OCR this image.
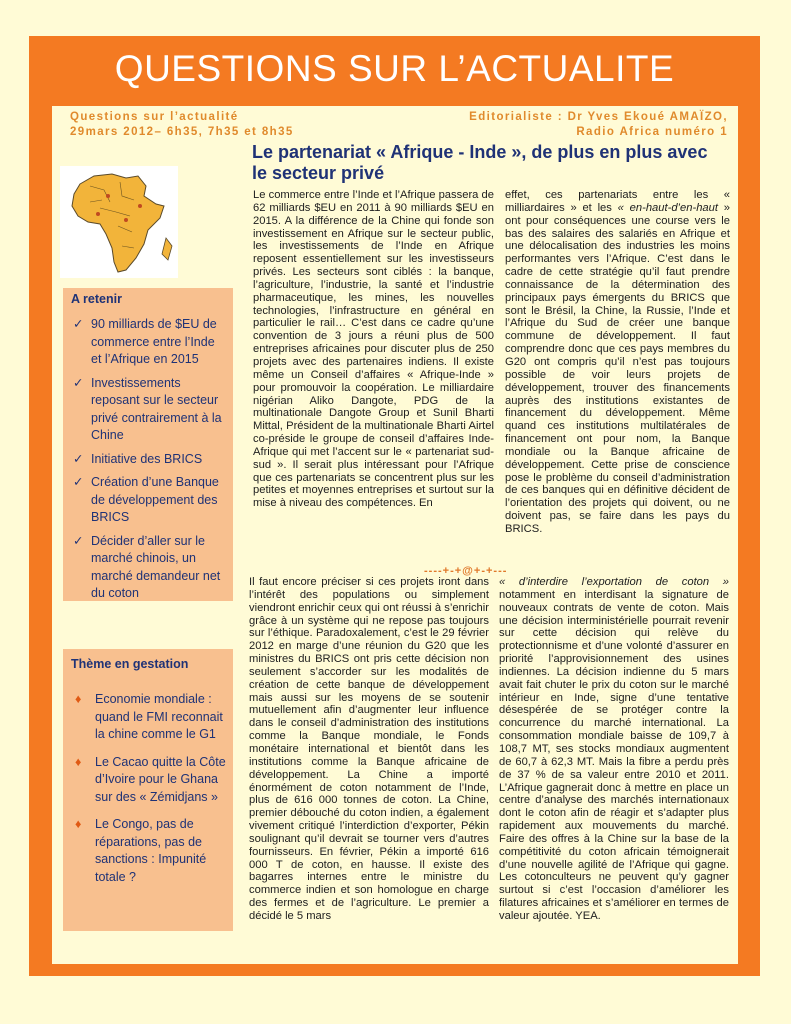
QUESTIONS SUR L’ACTUALITE
Questions sur l’actualité
29mars 2012– 6h35, 7h35 et 8h35
Editorialiste : Dr Yves Ekoué AMAÏZO,
Radio Africa numéro 1
Le partenariat « Afrique - Inde », de plus en plus avec le secteur privé
A retenir
✓ 90 milliards de $EU de commerce entre l’Inde et l’Afrique en 2015
✓ Investissements reposant sur le secteur privé contrairement à la Chine
✓ Initiative des BRICS
✓ Création d’une Banque de développement des BRICS
✓ Décider d’aller sur le marché chinois, un marché demandeur net du coton
Thème en gestation
♦ Economie mondiale : quand le FMI reconnait la chine comme le G1
♦ Le Cacao quitte la Côte d’Ivoire pour le Ghana sur des « Zémidjans »
♦ Le Congo, pas de réparations, pas de sanctions : Impunité totale ?

Le commerce entre l’Inde et l’Afrique passera de 62 milliards $EU en 2011 à 90 milliards $EU en 2015. A la différence de la Chine qui fonde son investissement en Afrique sur le secteur public, les investissements de l’Inde en Afrique reposent essentiellement sur les investisseurs privés. Les secteurs sont ciblés : la banque, l’agriculture, l’industrie, la santé et l’industrie pharmaceutique, les mines, les nouvelles technologies, l’infrastructure en général en particulier le rail… C’est dans ce cadre qu’une convention de 3 jours a réuni plus de 500 entreprises africaines pour discuter plus de 250 projets avec des partenaires indiens. Il existe même un Conseil d’affaires « Afrique-Inde » pour promouvoir la coopération. Le milliardaire nigérian Aliko Dangote, PDG de la multinationale Dangote Group et Sunil Bharti Mittal, Président de la multinationale Bharti Airtel co-préside le groupe de conseil d’affaires Inde-Afrique qui met l’accent sur le « partenariat sud-sud ». Il serait plus intéressant pour l’Afrique que ces partenariats se concentrent plus sur les petites et moyennes entreprises et surtout sur la mise à niveau des compétences. En

effet, ces partenariats entre les « milliardaires » et les « en-haut-d’en-haut » ont pour conséquences une course vers le bas des salaires des salariés en Afrique et une délocalisation des industries les moins performantes vers l’Afrique. C’est dans le cadre de cette stratégie qu’il faut prendre connaissance de la détermination des principaux pays émergents du BRICS que sont le Brésil, la Chine, la Russie, l’Inde et l’Afrique du Sud de créer une banque commune de développement. Il faut comprendre donc que ces pays membres du G20 ont compris qu’il n’est pas toujours possible de voir leurs projets de développement, trouver des financements auprès des institutions existantes de financement du développement. Même quand ces institutions multilatérales de financement ont pour nom, la Banque mondiale ou la Banque africaine de développement. Cette prise de conscience pose le problème du conseil d’administration de ces banques qui en définitive décident de l’orientation des projets qui doivent, ou ne doivent pas, se faire dans les pays du BRICS.

----+-+@+-+---

Il faut encore préciser si ces projets iront dans l’intérêt des populations ou simplement viendront enrichir ceux qui ont réussi à s’enrichir grâce à un système qui ne repose pas toujours sur l’éthique. Paradoxalement, c’est le 29 février 2012 en marge d’une réunion du G20 que les ministres du BRICS ont pris cette décision non seulement s’accorder sur les modalités de création de cette banque de développement mais aussi sur les moyens de se soutenir mutuellement afin d’augmenter leur influence dans le conseil d’administration des institutions comme la Banque mondiale, le Fonds monétaire international et bientôt dans les institutions comme la Banque africaine de développement. La Chine a importé énormément de coton notamment de l’Inde, plus de 616 000 tonnes de coton. La Chine, premier débouché du coton indien, a également vivement critiqué l’interdiction d’exporter, Pékin soulignant qu’il devrait se tourner vers d’autres fournisseurs. En février, Pékin a importé 616 000 T de coton, en hausse. Il existe des bagarres internes entre le ministre du commerce indien et son homologue en charge des fermes et de l’agriculture. Le premier a décidé le 5 mars

« d’interdire l’exportation de coton » notamment en interdisant la signature de nouveaux contrats de vente de coton. Mais une décision interministérielle pourrait revenir sur cette décision qui relève du protectionnisme et d’une volonté d’assurer en priorité l’approvisionnement des usines indiennes. La décision indienne du 5 mars avait fait chuter le prix du coton sur le marché intérieur en Inde, signe d’une tentative désespérée de se protéger contre la concurrence du marché international. La consommation mondiale baisse de 109,7 à 108,7 MT, ses stocks mondiaux augmentent de 60,7 à 62,3 MT. Mais la fibre a perdu près de 37 % de sa valeur entre 2010 et 2011. L’Afrique gagnerait donc à mettre en place un centre d’analyse des marchés internationaux dont le coton afin de réagir et s’adapter plus rapidement aux mouvements du marché. Faire des offres à la Chine sur la base de la compétitivité du coton africain témoignerait d’une nouvelle agilité de l’Afrique qui gagne. Les cotonculteurs ne peuvent qu’y gagner surtout si c’est l’occasion d’améliorer les filatures africaines et s’améliorer en termes de valeur ajoutée. YEA.
